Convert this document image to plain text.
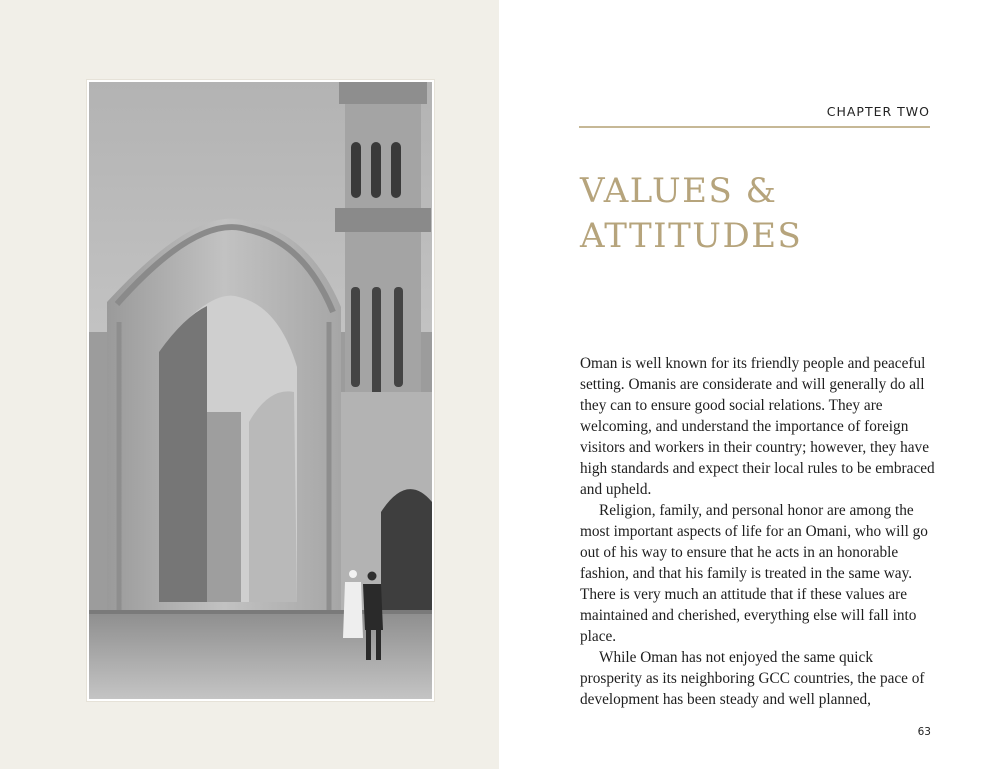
CHAPTER TWO
VALUES & ATTITUDES

Oman is well known for its friendly people and peaceful setting. Omanis are considerate and will generally do all they can to ensure good social relations. They are welcoming, and understand the importance of foreign visitors and workers in their country; however, they have high standards and expect their local rules to be embraced and upheld.

Religion, family, and personal honor are among the most important aspects of life for an Omani, who will go out of his way to ensure that he acts in an honorable fashion, and that his family is treated in the same way. There is very much an attitude that if these values are maintained and cherished, everything else will fall into place.

While Oman has not enjoyed the same quick prosperity as its neighboring GCC countries, the pace of development has been steady and well planned,

63
